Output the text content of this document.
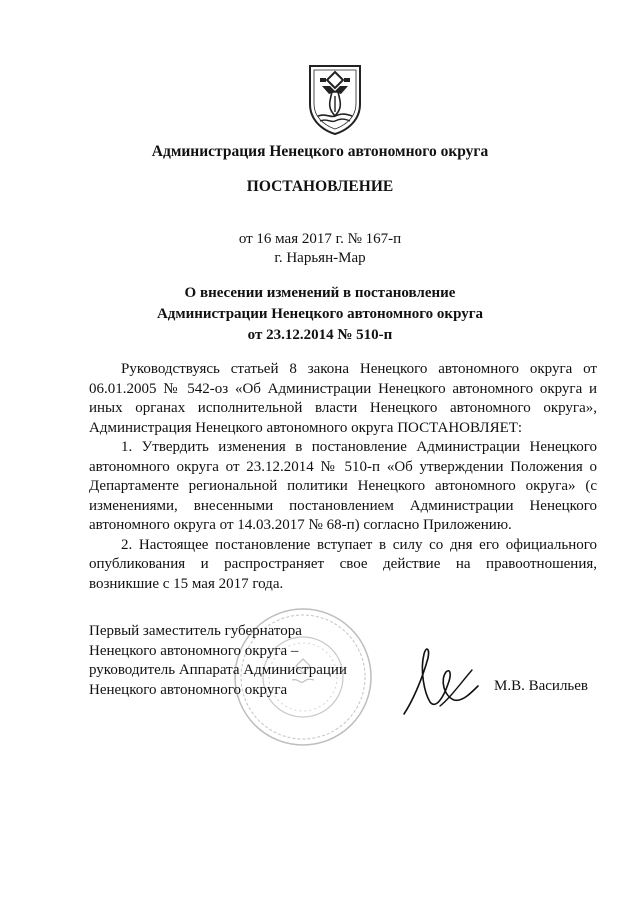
Администрация Ненецкого автономного округа
ПОСТАНОВЛЕНИЕ
от 16 мая 2017 г. № 167-п
г. Нарьян-Мар
О внесении изменений в постановление
Администрации Ненецкого автономного округа
от 23.12.2014 № 510-п

Руководствуясь статьей 8 закона Ненецкого автономного округа от 06.01.2005 № 542-оз «Об Администрации Ненецкого автономного округа и иных органах исполнительной власти Ненецкого автономного округа», Администрация Ненецкого автономного округа ПОСТАНОВЛЯЕТ:

1. Утвердить изменения в постановление Администрации Ненецкого автономного округа от 23.12.2014 № 510-п «Об утверждении Положения о Департаменте региональной политики Ненецкого автономного округа» (с изменениями, внесенными постановлением Администрации Ненецкого автономного округа от 14.03.2017 № 68-п) согласно Приложению.

2. Настоящее постановление вступает в силу со дня его официального опубликования и распространяет свое действие на правоотношения, возникшие с 15 мая 2017 года.

Первый заместитель губернатора
Ненецкого автономного округа –
руководитель Аппарата Администрации
Ненецкого автономного округа	М.В. Васильев
